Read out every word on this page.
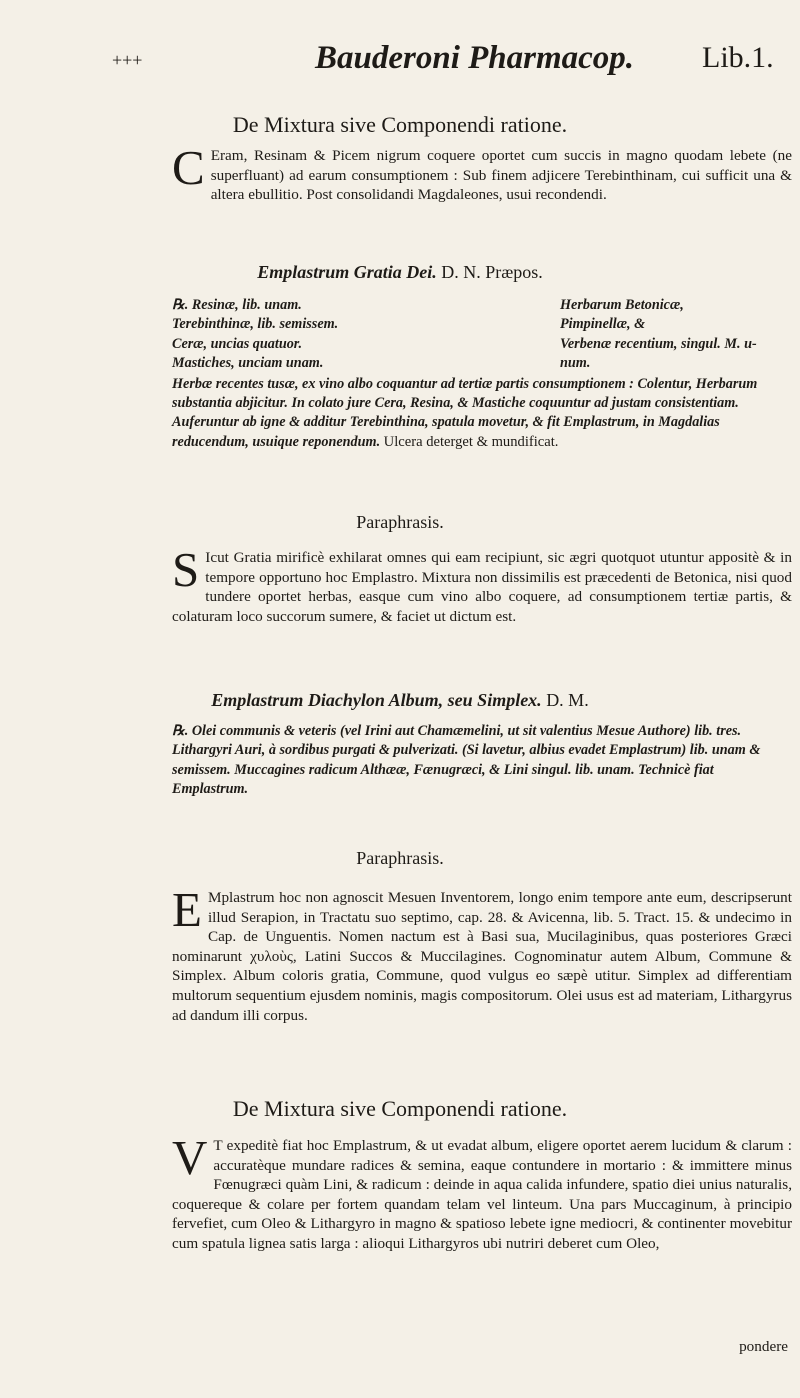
+++	Bauderoni Pharmacop. Lib.1.
De Mixtura sive Componendi ratione.

C Eram, Resinam & Picem nigrum coquere oportet cum succis in magno quodam lebete (ne superfluant) ad earum consumptionem : Sub finem adjicere Terebinthinam, cui sufficit una & altera ebullitio. Post consolidandi Magdaleones, usui recondendi.

Emplastrum Gratia Dei. D. N. Præpos.
℞. Resinæ, lib. unam.
Terebinthinæ, lib. semissem.
Ceræ, uncias quatuor.
Mastiches, unciam unam.
Herbarum Betonicæ,
Pimpinellæ, &
Verbenæ recentium, singul. M. u-
num.
Herbæ recentes tusæ, ex vino albo coquantur ad tertiæ partis consumptionem : Colentur, Herbarum substantia abjicitur. In colato jure Cera, Resina, & Mastiche coquuntur ad justam consistentiam. Auferuntur ab igne & additur Terebinthina, spatula movetur, & fit Emplastrum, in Magdalias reducendum, usuique reponendum. Ulcera deterget & mundificat.
Paraphrasis.

S Icut Gratia mirificè exhilarat omnes qui eam recipiunt, sic ægri quotquot utuntur appositè & in tempore opportuno hoc Emplastro. Mixtura non dissimilis est præcedenti de Betonica, nisi quod tundere oportet herbas, easque cum vino albo coquere, ad consumptionem tertiæ partis, & colaturam loco succorum sumere, & faciet ut dictum est.

Emplastrum Diachylon Album, seu Simplex. D. M.
℞. Olei communis & veteris (vel Irini aut Chamæmelini, ut sit valentius Mesue Authore) lib. tres. Lithargyri Auri, à sordibus purgati & pulverizati. (Si lavetur, albius evadet Emplastrum) lib. unam & semissem. Muccagines radicum Althææ, Fænugræci, & Lini singul. lib. unam. Technicè fiat Emplastrum.
Paraphrasis.

E Mplastrum hoc non agnoscit Mesuen Inventorem, longo enim tempore ante eum, descripserunt illud Serapion, in Tractatu suo septimo, cap. 28. & Avicenna, lib. 5. Tract. 15. & undecimo in Cap. de Unguentis. Nomen nactum est à Basi sua, Mucilaginibus, quas posteriores Græci nominarunt χυλοὺς, Latini Succos & Muccilagines. Cognominatur autem Album, Commune & Simplex. Album coloris gratia, Commune, quod vulgus eo sæpè utitur. Simplex ad differentiam multorum sequentium ejusdem nominis, magis compositorum. Olei usus est ad materiam, Lithargyrus ad dandum illi corpus.

De Mixtura sive Componendi ratione.

V T expeditè fiat hoc Emplastrum, & ut evadat album, eligere oportet aerem lucidum & clarum : accuratèque mundare radices & semina, eaque contundere in mortario : & immittere minus Fœnugræci quàm Lini, & radicum : deinde in aqua calida infundere, spatio diei unius naturalis, coquereque & colare per fortem quandam telam vel linteum. Una pars Muccaginum, à principio fervefiet, cum Oleo & Lithargyro in magno & spatioso lebete igne mediocri, & continenter movebitur cum spatula lignea satis larga : alioqui Lithargyros ubi nutriri deberet cum Oleo,

pondere
